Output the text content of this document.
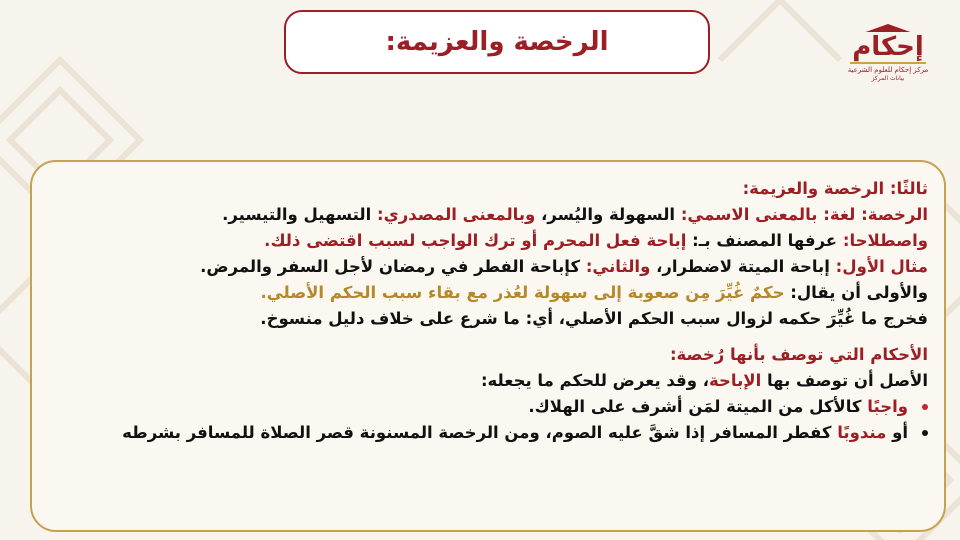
الرخصة والعزيمة:	إحكام
مركز إحكام للعلوم الشرعية
بيانات المركز

ثالثًا: الرخصة والعزيمة:

الرخصة: لغة: بالمعنى الاسمي: السهولة واليُسر، وبالمعنى المصدري: التسهيل والتيسير.

واصطلاحا: عرفها المصنف بـ: إباحة فعل المحرم أو ترك الواجب لسبب اقتضى ذلك.

مثال الأول: إباحة الميتة لاضطرار، والثاني: كإباحة الفطر في رمضان لأجل السفر والمرض.

والأولى أن يقال: حكمٌ غُيِّرَ مِن صعوبة إلى سهولة لعُذر مع بقاء سبب الحكم الأصلي.

فخرج ما غُيِّرَ حكمه لزوال سبب الحكم الأصلي، أي: ما شرع على خلاف دليل منسوخ.

الأحكام التي توصف بأنها رُخصة:

الأصل أن توصف بها الإباحة، وقد يعرض للحكم ما يجعله:

واجبًا

كالأكل من الميتة لمَن أشرف على الهلاك.

أو

مندوبًا

كفطر المسافر إذا شقَّ عليه الصوم، ومن الرخصة المسنونة قصر الصلاة للمسافر بشرطه
